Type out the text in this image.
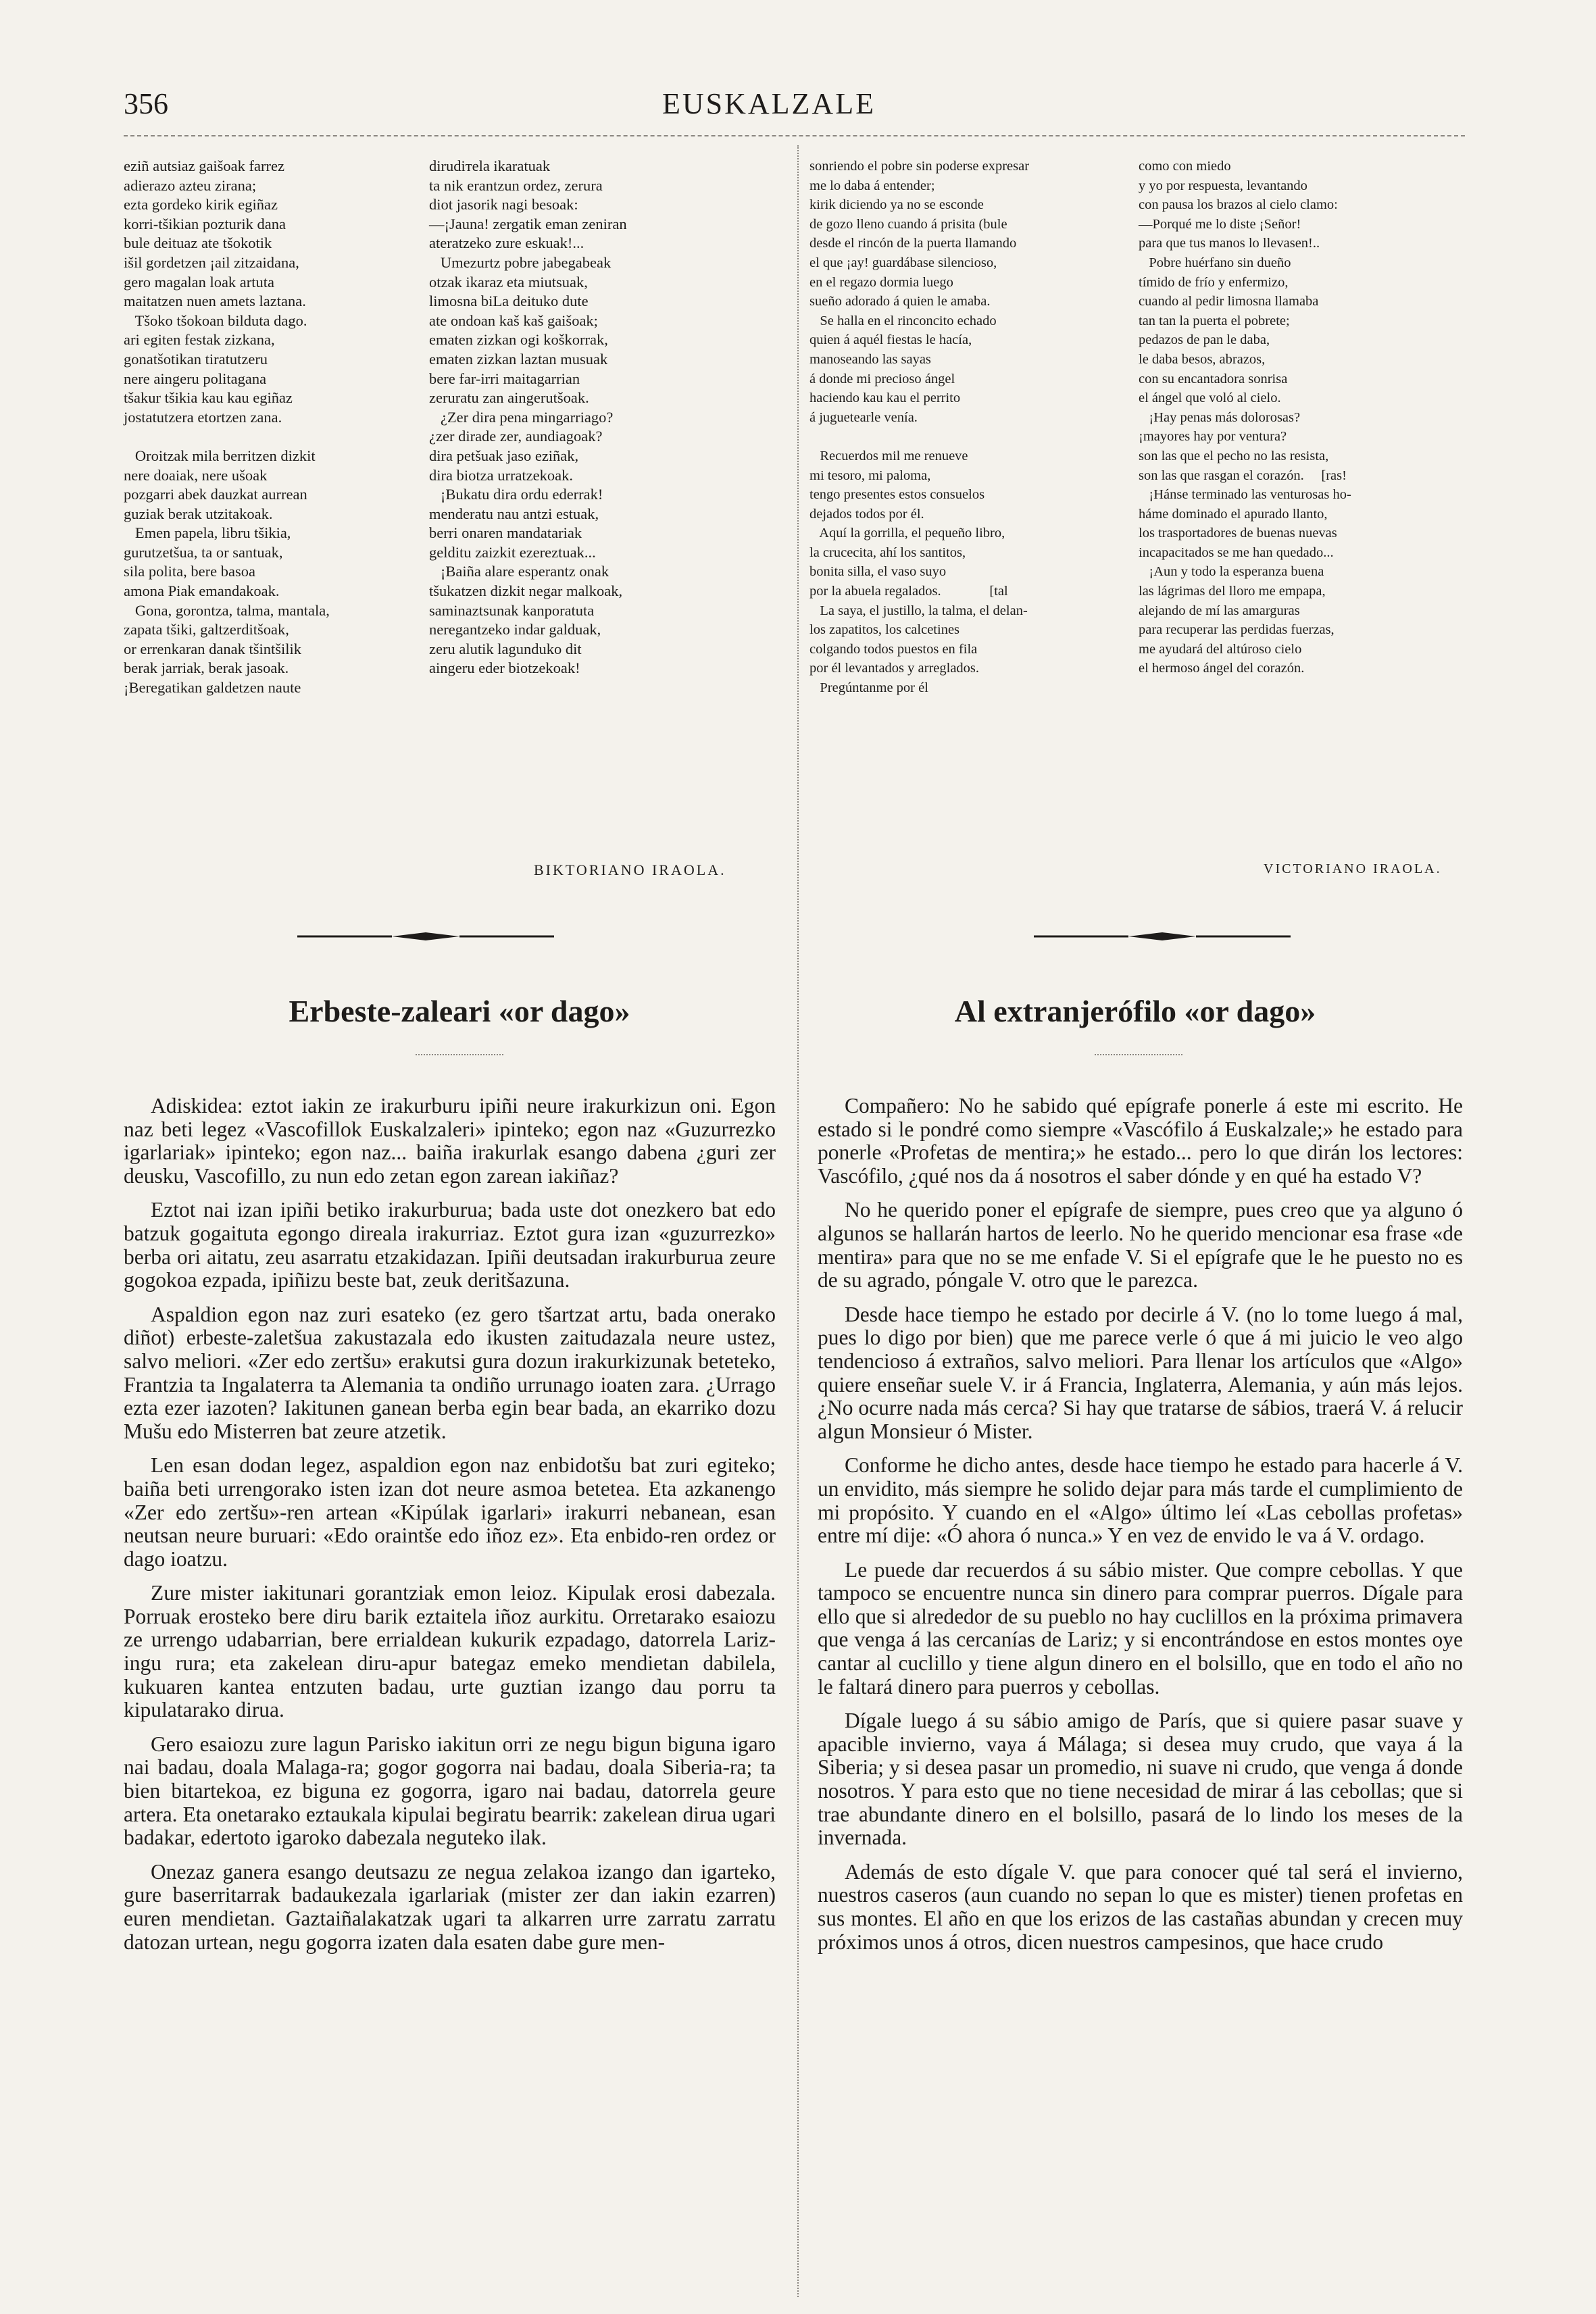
356	EUSKALZALE
eziñ autsiaz gaišoak farrez
adierazo azteu zirana;
ezta gordeko kirik egiñaz
korri-tšikian pozturik dana
bule deituaz ate tšokotik
išil gordetzen ¡ail zitzaidana,
gero magalan loak artuta
maitatzen nuen amets laztana.
Tšoko tšokoan bilduta dago.
ari egiten festak zizkana,
gonatšotikan tiratutzeru
nere aingeru politagana
tšakur tšikia kau kau egiñaz
jostatutzera etortzen zana.
Oroitzak mila berritzen dizkit
nere doaiak, nere ušoak
pozgarri abek dauzkat aurrean
guziak berak utzitakoak.
Emen papela, libru tšikia,
gurutzetšua, ta or santuak,
sila polita, bere basoa
amona Piak emandakoak.
Gona, gorontza, talma, mantala,
zapata tšiki, galtzerditšoak,
or errenkaran danak tšintšilik
berak jarriak, berak jasoak.
¡Beregatikan galdetzen naute
dirudiтela ikaratuak
ta nik erantzun ordez, zerura
diot jasorik nagi besoak:
—¡Jauna! zergatik eman zeniran
ateratzeko zure eskuak!...
Umezurtz pobre jabegabeak
otzak ikaraz eta miutsuak,
limosna biLa deituko dute
ate ondoan kaš kaš gaišoak;
ematen zizkan ogi koškorrak,
ematen zizkan laztan musuak
bere far-irri maitagarrian
zeruratu zan aingerutšoak.
¿Zer dira pena mingarriago?
¿zer dirade zer, aundiagoak?
dira petšuak jaso eziñak,
dira biotza urratzekoak.
¡Bukatu dira ordu ederrak!
menderatu nau antzi estuak,
berri onaren mandatariak
gelditu zaizkit ezereztuak...
¡Baiña alare esperantz onak
tšukatzen dizkit negar malkoak,
saminaztsunak kanporatuta
neregantzeko indar galduak,
zeru alutik lagunduko dit
aingeru eder biotzekoak!
BIKTORIANO IRAOLA.
sonriendo el pobre sin poderse expresar
me lo daba á entender;
kirik diciendo ya no se esconde
de gozo lleno cuando á prisita (bule
desde el rincón de la puerta llamando
el que ¡ay! guardábase silencioso,
en el regazo dormia luego
sueño adorado á quien le amaba.
Se halla en el rinconcito echado
quien á aquél fiestas le hacía,
manoseando las sayas
á donde mi precioso ángel
haciendo kau kau el perrito
á juguetearle venía.
Recuerdos mil me renueve
mi tesoro, mi paloma,
tengo presentes estos consuelos
dejados todos por él.
Aquí la gorrilla, el pequeño libro,
la crucecita, ahí los santitos,
bonita silla, el vaso suyo
por la abuela regalados.              [tal
La saya, el justillo, la talma, el delan-
los zapatitos, los calcetines
colgando todos puestos en fila
por él levantados y arreglados.
Pregúntanme por él
como con miedo
y yo por respuesta, levantando
con pausa los brazos al cielo clamo:
—Porqué me lo diste ¡Señor!
para que tus manos lo llevasen!..
Pobre huérfano sin dueño
tímido de frío y enfermizo,
cuando al pedir limosna llamaba
tan tan la puerta el pobrete;
pedazos de pan le daba,
le daba besos, abrazos,
con su encantadora sonrisa
el ángel que voló al cielo.
¡Hay penas más dolorosas?
¡mayores hay por ventura?
son las que el pecho no las resista,
son las que rasgan el corazón.     [ras!
¡Hánse terminado las venturosas ho-
háme dominado el apurado llanto,
los trasportadores de buenas nuevas
incapacitados se me han quedado...
¡Aun y todo la esperanza buena
las lágrimas del lloro me empapa,
alejando de mí las amarguras
para recuperar las perdidas fuerzas,
me ayudará del altúroso cielo
el hermoso ángel del corazón.
VICTORIANO IRAOLA.
Erbeste-zaleari «or dago»	Al extranjerófilo «or dago»

Adiskidea: eztot iakin ze irakurburu ipiñi neure irakurkizun oni. Egon naz beti legez «Vascofillok Euskalzaleri» ipinteko; egon naz «Guzurrezko igarlariak» ipinteko; egon naz... baiña irakurlak esango dabena ¿guri zer deusku, Vascofillo, zu nun edo zetan egon zarean iakiñaz?

Eztot nai izan ipiñi betiko irakurburua; bada uste dot onezkero bat edo batzuk gogaituta egongo direala irakurriaz. Eztot gura izan «guzurrezko» berba ori aitatu, zeu asarratu etzakidazan. Ipiñi deutsadan irakurburua zeure gogokoa ezpada, ipiñizu beste bat, zeuk deritšazuna.

Aspaldion egon naz zuri esateko (ez gero tšartzat artu, bada onerako diñot) erbeste-zaletšua zakustazala edo ikusten zaitudazala neure ustez, salvo meliori. «Zer edo zertšu» erakutsi gura dozun irakurkizunak beteteko, Frantzia ta Ingalaterra ta Alemania ta ondiño urrunago ioaten zara. ¿Urrago ezta ezer iazoten? Iakitunen ganean berba egin bear bada, an ekarriko dozu Mušu edo Misterren bat zeure atzetik.

Len esan dodan legez, aspaldion egon naz enbidotšu bat zuri egiteko; baiña beti urrengorako isten izan dot neure asmoa betetea. Eta azkanengo «Zer edo zertšu»-ren artean «Kipúlak igarlari» irakurri nebanean, esan neutsan neure buruari: «Edo oraintše edo iñoz ez». Eta enbido-ren ordez or dago ioatzu.

Zure mister iakitunari gorantziak emon leioz. Kipulak erosi dabezala. Porruak erosteko bere diru barik eztaitela iñoz aurkitu. Orretarako esaiozu ze urrengo udabarrian, bere errialdean kukurik ezpadago, datorrela Lariz-ingu rura; eta zakelean diru-apur bategaz emeko mendietan dabilela, kukuaren kantea entzuten badau, urte guztian izango dau porru ta kipulatarako dirua.

Gero esaiozu zure lagun Parisko iakitun orri ze negu bigun biguna igaro nai badau, doala Malaga-ra; gogor gogorra nai badau, doala Siberia-ra; ta bien bitartekoa, ez biguna ez gogorra, igaro nai badau, datorrela geure artera. Eta onetarako eztaukala kipulai begiratu bearrik: zakelean dirua ugari badakar, edertoto igaroko dabezala neguteko ilak.

Onezaz ganera esango deutsazu ze negua zelakoa izango dan igarteko, gure baserritarrak badaukezala igarlariak (mister zer dan iakin ezarren) euren mendietan. Gaztaiñalakatzak ugari ta alkarren urre zarratu zarratu datozan urtean, negu gogorra izaten dala esaten dabe gure men-

Compañero: No he sabido qué epígrafe ponerle á este mi escrito. He estado si le pondré como siempre «Vascófilo á Euskalzale;» he estado para ponerle «Profetas de mentira;» he estado... pero lo que dirán los lectores: Vascófilo, ¿qué nos da á nosotros el saber dónde y en qué ha estado V?

No he querido poner el epígrafe de siempre, pues creo que ya alguno ó algunos se hallarán hartos de leerlo. No he querido mencionar esa frase «de mentira» para que no se me enfade V. Si el epígrafe que le he puesto no es de su agrado, póngale V. otro que le parezca.

Desde hace tiempo he estado por decirle á V. (no lo tome luego á mal, pues lo digo por bien) que me parece verle ó que á mi juicio le veo algo tendencioso á extraños, salvo meliori. Para llenar los artículos que «Algo» quiere enseñar suele V. ir á Francia, Inglaterra, Alemania, y aún más lejos. ¿No ocurre nada más cerca? Si hay que tratarse de sábios, traerá V. á relucir algun Monsieur ó Mister.

Conforme he dicho antes, desde hace tiempo he estado para hacerle á V. un envidito, más siempre he solido dejar para más tarde el cumplimiento de mi propósito. Y cuando en el «Algo» último leí «Las cebollas profetas» entre mí dije: «Ó ahora ó nunca.» Y en vez de envido le va á V. ordago.

Le puede dar recuerdos á su sábio mister. Que compre cebollas. Y que tampoco se encuentre nunca sin dinero para comprar puerros. Dígale para ello que si alrededor de su pueblo no hay cuclillos en la próxima primavera que venga á las cercanías de Lariz; y si encontrándose en estos montes oye cantar al cuclillo y tiene algun dinero en el bolsillo, que en todo el año no le faltará dinero para puerros y cebollas.

Dígale luego á su sábio amigo de París, que si quiere pasar suave y apacible invierno, vaya á Málaga; si desea muy crudo, que vaya á la Siberia; y si desea pasar un promedio, ni suave ni crudo, que venga á donde nosotros. Y para esto que no tiene necesidad de mirar á las cebollas; que si trae abundante dinero en el bolsillo, pasará de lo lindo los meses de la invernada.

Además de esto dígale V. que para conocer qué tal será el invierno, nuestros caseros (aun cuando no sepan lo que es mister) tienen profetas en sus montes. El año en que los erizos de las castañas abundan y crecen muy próximos unos á otros, dicen nuestros campesinos, que hace crudo
